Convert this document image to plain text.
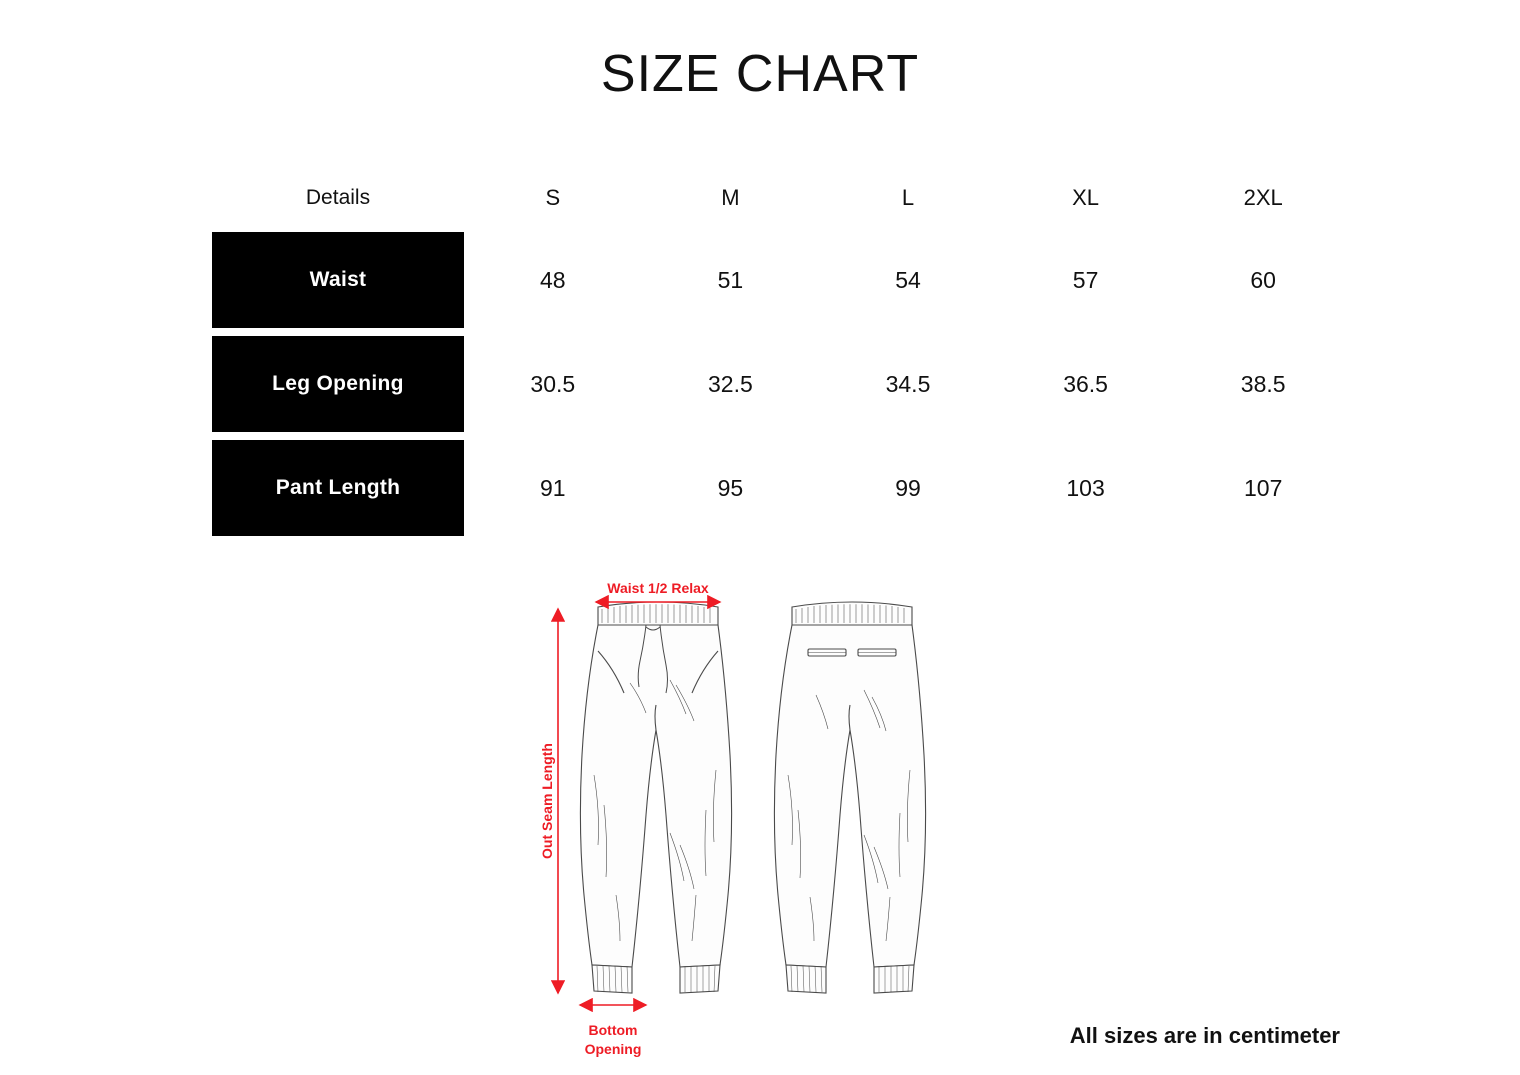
SIZE CHART
Details	S	M	L	XL	2XL
Waist	48	51	54	57	60
Leg Opening	30.5	32.5	34.5	36.5	38.5
Pant Length	91	95	99	103	107
Waist 1/2 Relax
Out Seam Length
Bottom
Opening
All sizes are in centimeter
